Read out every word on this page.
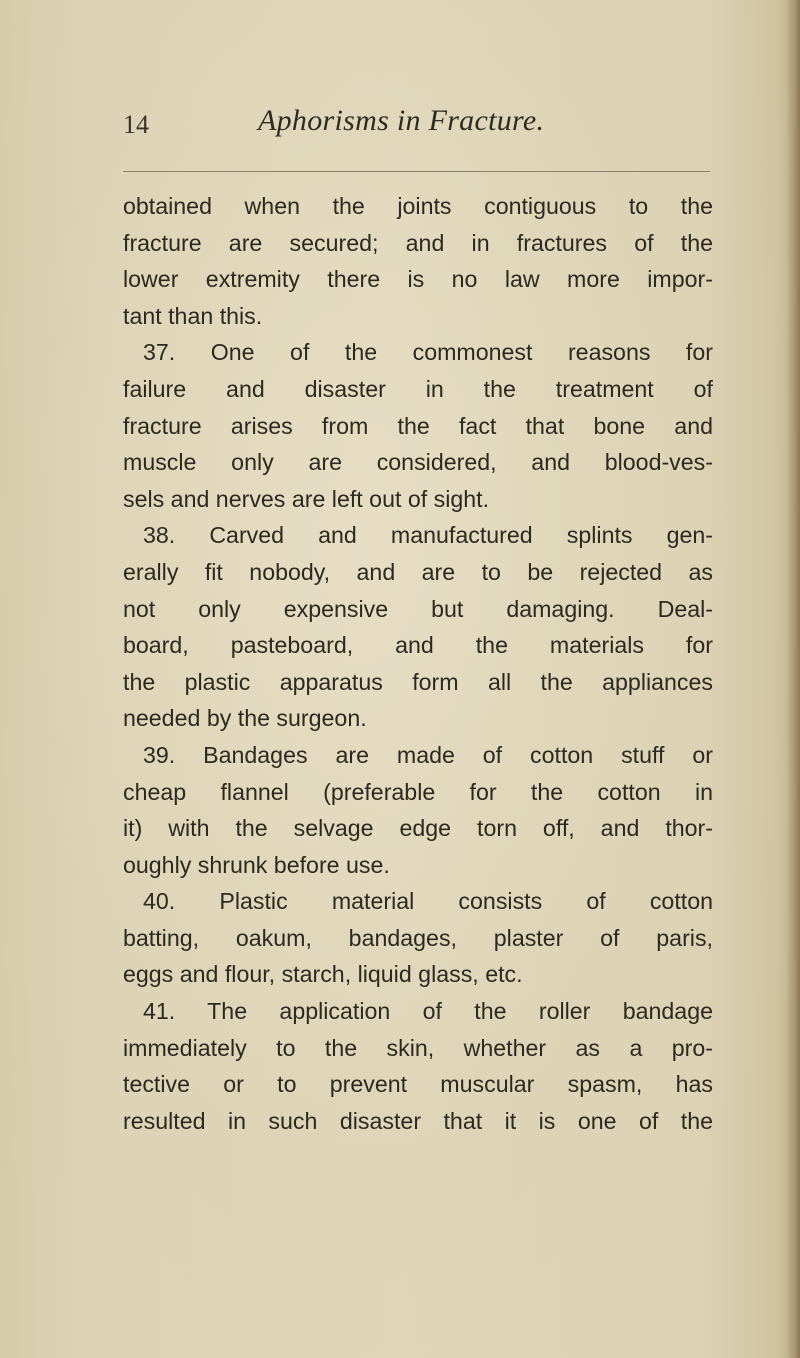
14	Aphorisms in Fracture.
obtained when the joints contiguous to the
fracture are secured; and in fractures of the
lower extremity there is no law more impor-
tant than this.
37. One of the commonest reasons for
failure and disaster in the treatment of
fracture arises from the fact that bone and
muscle only are considered, and blood-ves-
sels and nerves are left out of sight.
38. Carved and manufactured splints gen-
erally fit nobody, and are to be rejected as
not only expensive but damaging. Deal-
board, pasteboard, and the materials for
the plastic apparatus form all the appliances
needed by the surgeon.
39. Bandages are made of cotton stuff or
cheap flannel (preferable for the cotton in
it) with the selvage edge torn off, and thor-
oughly shrunk before use.
40. Plastic material consists of cotton
batting, oakum, bandages, plaster of paris,
eggs and flour, starch, liquid glass, etc.
41. The application of the roller bandage
immediately to the skin, whether as a pro-
tective or to prevent muscular spasm, has
resulted in such disaster that it is one of the
